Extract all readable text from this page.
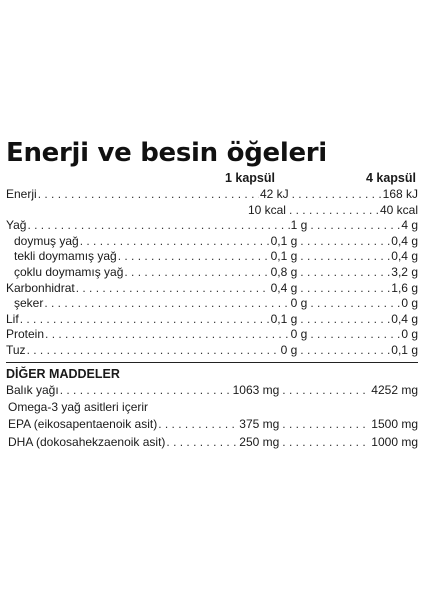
Enerji ve besin öğeleri
1 kapsül	4 kapsül
Enerji . . .	42 kJ . . .	168 kJ
10 kcal . . .	40 kcal
Yağ . . .	1 g . . .	4 g
doymuş yağ . . .	0,1 g . . .	0,4 g
tekli doymamış yağ . . .	0,1 g . . .	0,4 g
çoklu doymamış yağ . . .	0,8 g . . .	3,2 g
Karbonhidrat . . .	0,4 g . . .	1,6 g
şeker . . .	0 g . . .	0 g
Lif . . .	0,1 g . . .	0,4 g
Protein . . .	0 g . . .	0 g
Tuz . . .	0 g . . .	0,1 g
DİĞER MADDELER
Balık yağı . . .	1063 mg . . .	4252 mg
Omega-3 yağ asitleri içerir
EPA (eikosapentaenoik asit) . . .	375 mg . . .	1500 mg
DHA (dokosahekzaenoik asit) . . .	250 mg . . .	1000 mg
